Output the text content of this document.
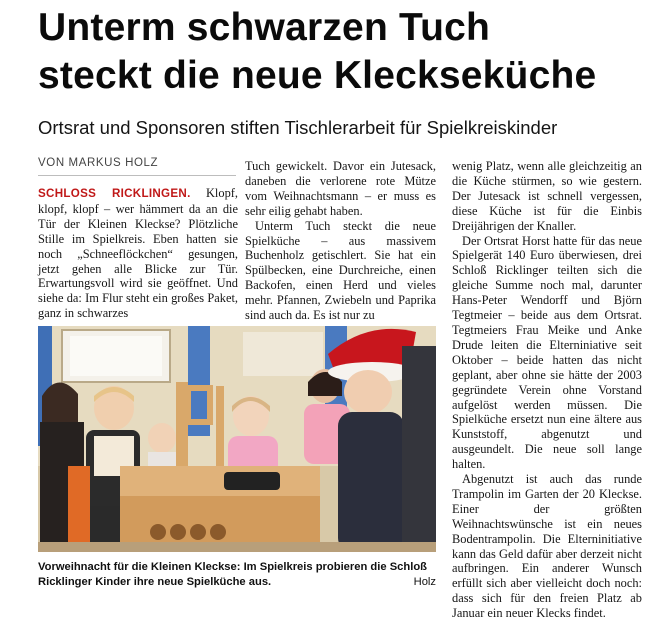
Unterm schwarzen Tuch
steckt die neue Kleckseküche
Ortsrat und Sponsoren stiften Tischlerarbeit für Spielkreiskinder
VON MARKUS HOLZ

SCHLOSS RICKLINGEN. Klopf, klopf, klopf – wer hämmert da an die Tür der Kleinen Kleckse? Plötzliche Stille im Spielkreis. Eben hatten sie noch „Schneeflöckchen“ gesungen, jetzt gehen alle Blicke zur Tür. Erwartungsvoll wird sie geöffnet. Und siehe da: Im Flur steht ein großes Paket, ganz in schwarzes

Tuch gewickelt. Davor ein Jutesack, daneben die verlorene rote Mütze vom Weihnachtsmann – er muss es sehr eilig gehabt haben.

Unterm Tuch steckt die neue Spielküche – aus massivem Buchenholz getischlert. Sie hat ein Spülbecken, eine Durchreiche, einen Backofen, einen Herd und vieles mehr. Pfannen, Zwiebeln und Paprika sind auch da. Es ist nur zu

wenig Platz, wenn alle gleichzeitig an die Küche stürmen, so wie gestern. Der Jutesack ist schnell vergessen, diese Küche ist für die Einbis Dreijährigen der Knaller.

Der Ortsrat Horst hatte für das neue Spielgerät 140 Euro überwiesen, drei Schloß Ricklinger teilten sich die gleiche Summe noch mal, darunter Hans-Peter Wendorff und Björn Tegtmeier – beide aus dem Ortsrat. Tegtmeiers Frau Meike und Anke Drude leiten die Elterniniative seit Oktober – beide hatten das nicht geplant, aber ohne sie hätte der 2003 gegründete Verein ohne Vorstand aufgelöst werden müssen. Die Spielküche ersetzt nun eine ältere aus Kunststoff, abgenutzt und ausgeundelt. Die neue soll lange halten.

Abgenutzt ist auch das runde Trampolin im Garten der 20 Kleckse. Einer der größten Weihnachtswünsche ist ein neues Bodentrampolin. Die Elterninitiative kann das Geld dafür aber derzeit nicht aufbringen. Ein anderer Wunsch erfüllt sich aber vielleicht doch noch: dass sich für den freien Platz ab Januar ein neuer Klecks findet.

Vorweihnacht für die Kleinen Kleckse: Im Spielkreis probieren die Schloß Ricklinger Kinder ihre neue Spielküche aus.	Holz
